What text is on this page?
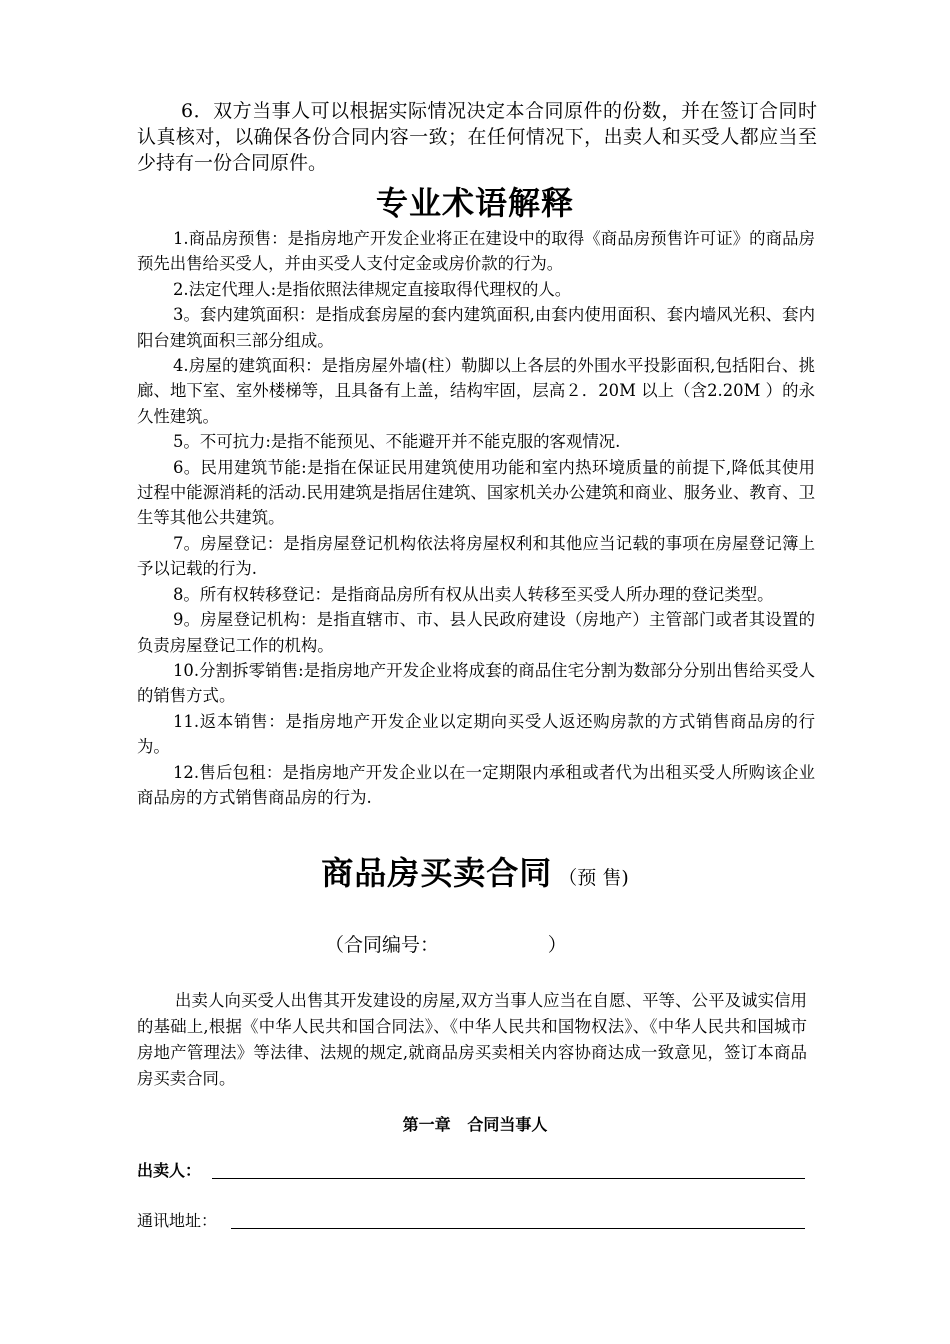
6．双方当事人可以根据实际情况决定本合同原件的份数，并在签订合同时认真核对，以确保各份合同内容一致；在任何情况下，出卖人和买受人都应当至少持有一份合同原件。

专业术语解释

1.商品房预售：是指房地产开发企业将正在建设中的取得《商品房预售许可证》的商品房预先出售给买受人，并由买受人支付定金或房价款的行为。

2.法定代理人:是指依照法律规定直接取得代理权的人。

3。套内建筑面积：是指成套房屋的套内建筑面积,由套内使用面积、套内墙风光积、套内阳台建筑面积三部分组成。

4.房屋的建筑面积：是指房屋外墙(柱）勒脚以上各层的外围水平投影面积,包括阳台、挑廊、地下室、室外楼梯等，且具备有上盖，结构牢固，层高２．20M 以上（含2.20M ）的永久性建筑。

5。不可抗力:是指不能预见、不能避开并不能克服的客观情况.

6。民用建筑节能:是指在保证民用建筑使用功能和室内热环境质量的前提下,降低其使用过程中能源消耗的活动.民用建筑是指居住建筑、国家机关办公建筑和商业、服务业、教育、卫生等其他公共建筑。

7。房屋登记：是指房屋登记机构依法将房屋权利和其他应当记载的事项在房屋登记簿上予以记载的行为.

8。所有权转移登记：是指商品房所有权从出卖人转移至买受人所办理的登记类型。

9。房屋登记机构：是指直辖市、市、县人民政府建设（房地产）主管部门或者其设置的负责房屋登记工作的机构。

10.分割拆零销售:是指房地产开发企业将成套的商品住宅分割为数部分分别出售给买受人的销售方式。

11.返本销售：是指房地产开发企业以定期向买受人返还购房款的方式销售商品房的行为。

12.售后包租：是指房地产开发企业以在一定期限内承租或者代为出租买受人所购该企业商品房的方式销售商品房的行为.

商品房买卖合同 （预 售)
（合同编号：                  ）

出卖人向买受人出售其开发建设的房屋,双方当事人应当在自愿、平等、公平及诚实信用的基础上,根据《中华人民共和国合同法》、《中华人民共和国物权法》、《中华人民共和国城市房地产管理法》等法律、法规的规定,就商品房买卖相关内容协商达成一致意见，签订本商品房买卖合同。

第一章   合同当事人
出卖人：
通讯地址：
